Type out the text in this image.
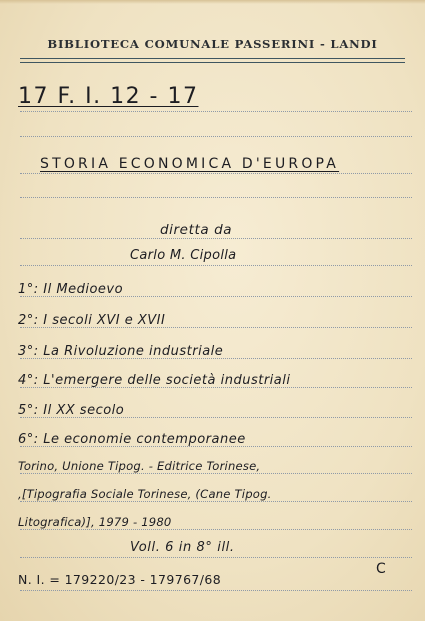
BIBLIOTECA COMUNALE PASSERINI - LANDI
17 F. I. 12 - 17
STORIA ECONOMICA D'EUROPA
diretta da
Carlo M. Cipolla
1°: Il Medioevo
2°: I secoli XVI e XVII
3°: La Rivoluzione industriale
4°: L'emergere delle società industriali
5°: Il XX secolo
6°: Le economie contemporanee
Torino, Unione Tipog. - Editrice Torinese,
,[Tipografia Sociale Torinese, (Cane Tipog.
Litografica)], 1979 - 1980
Voll. 6 in 8° ill.
C
N. I. = 179220/23 - 179767/68
